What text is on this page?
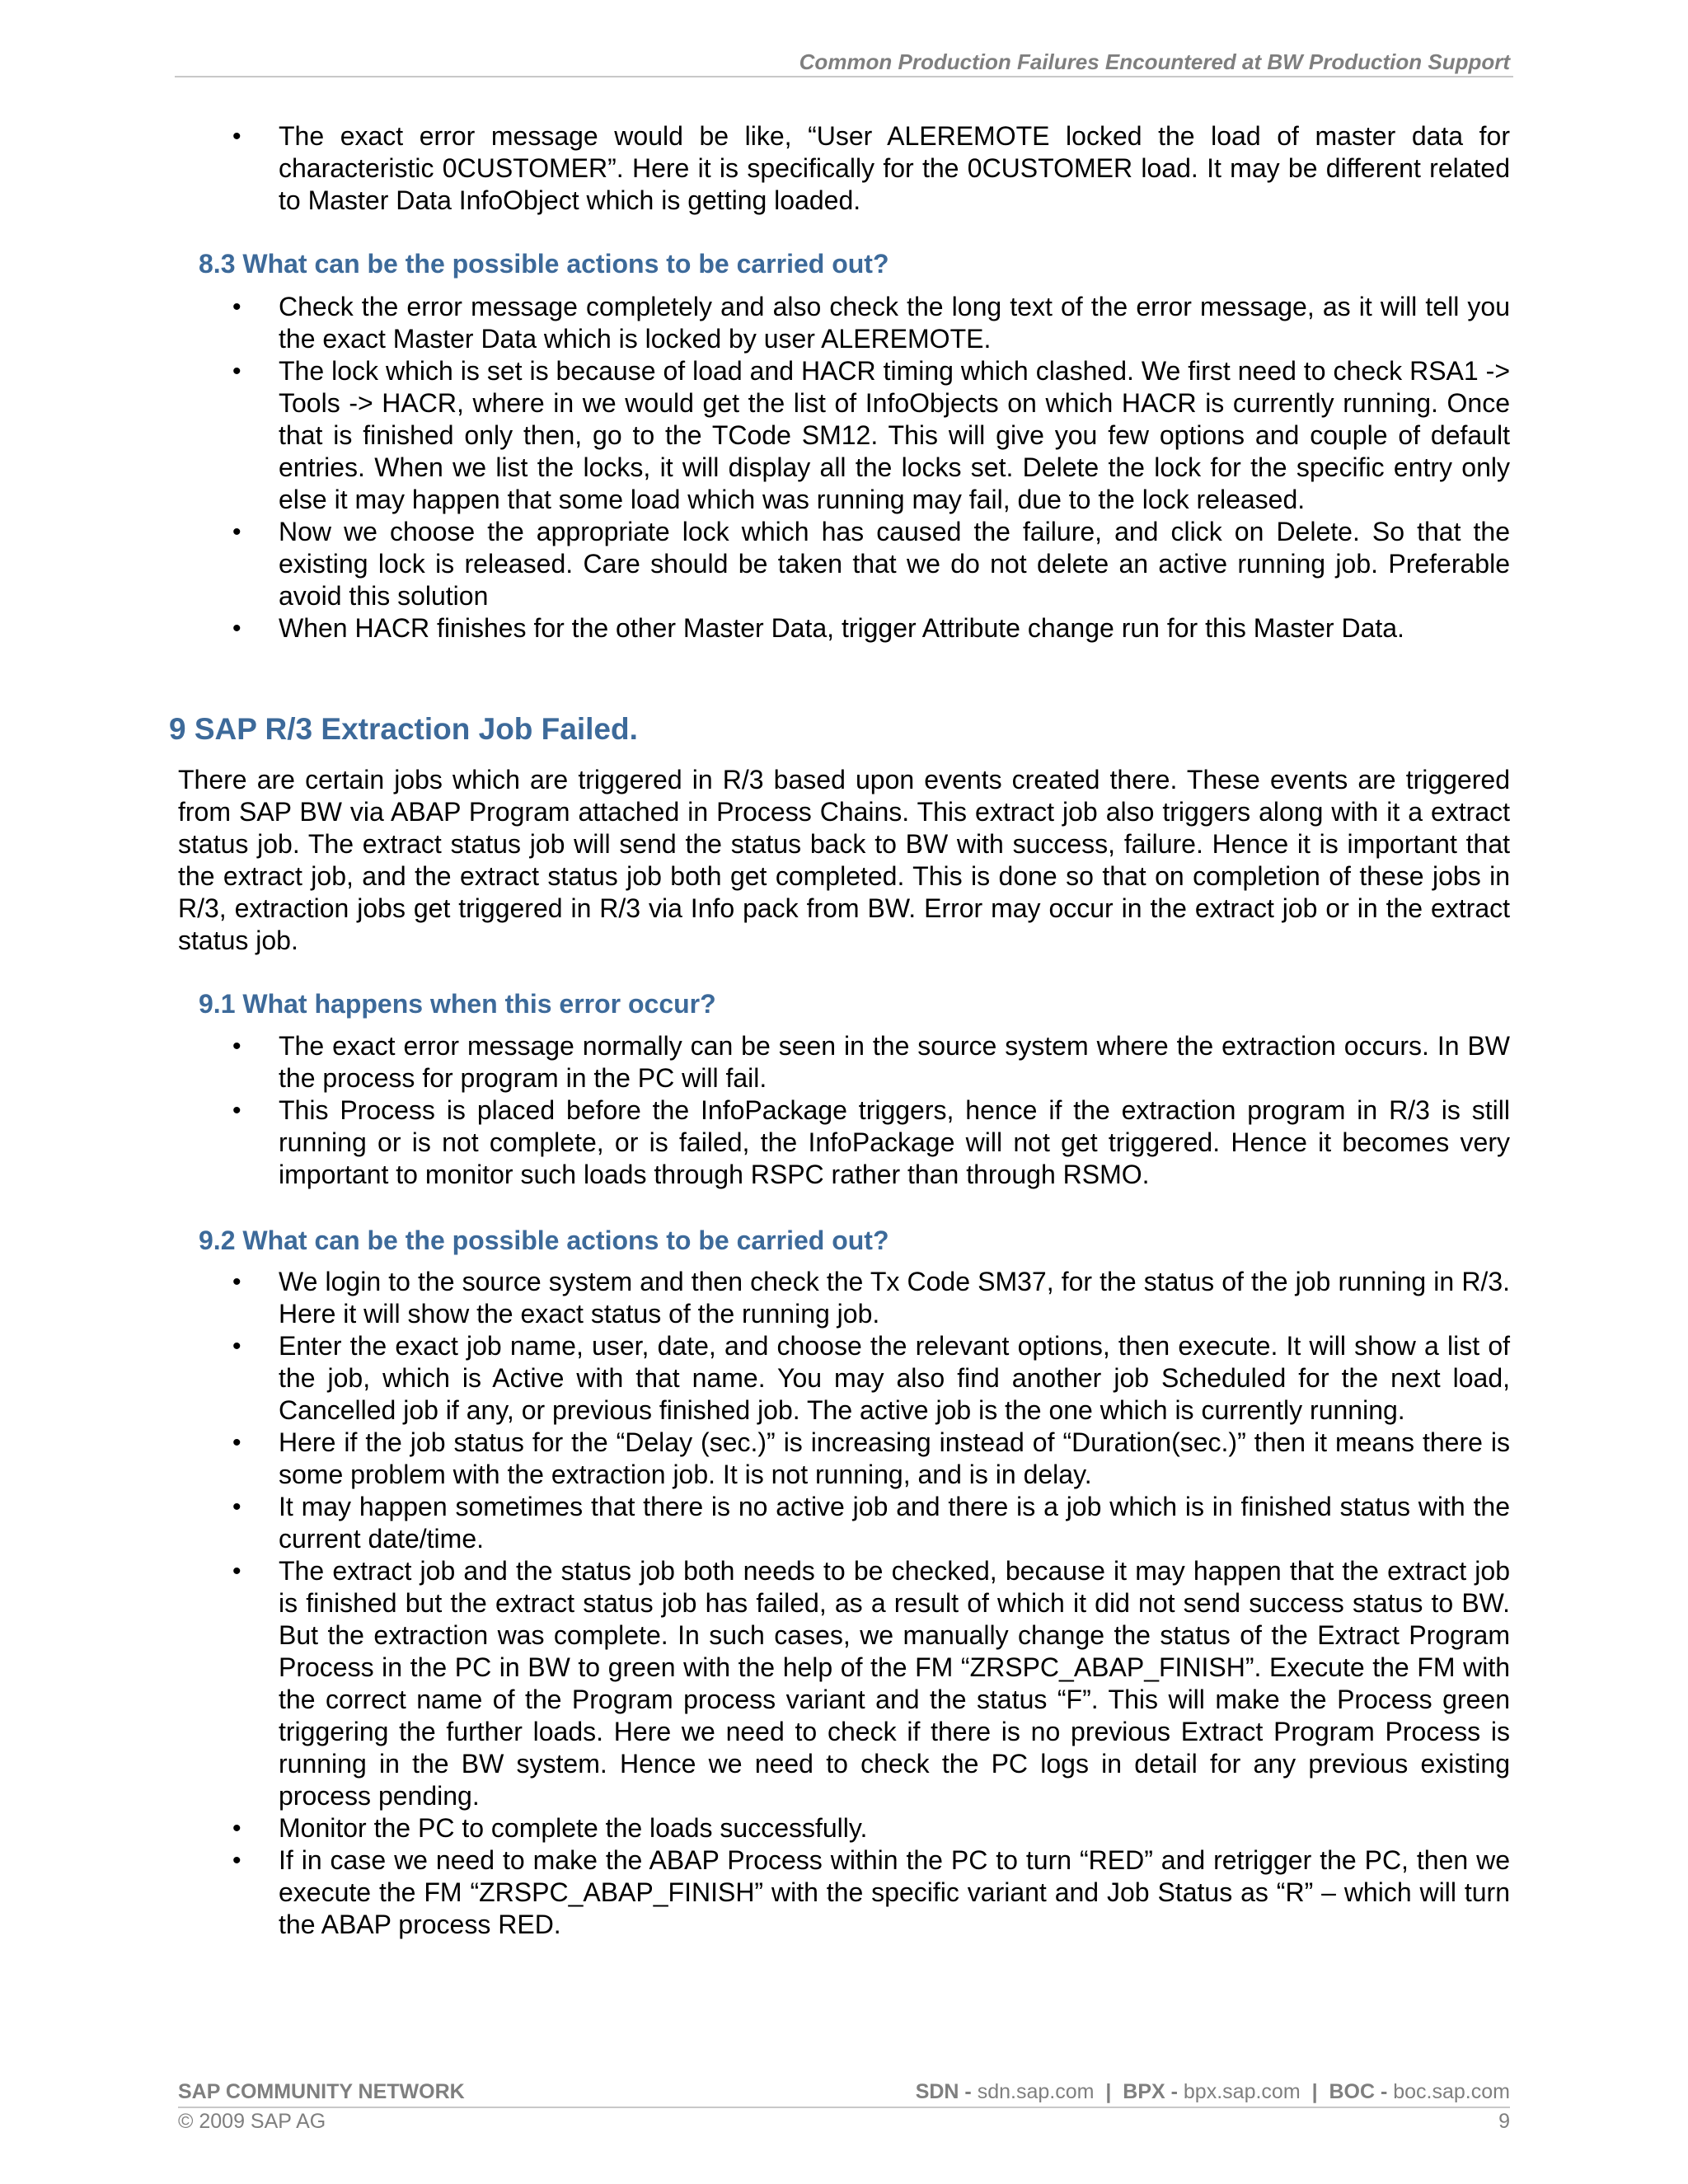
Common Production Failures Encountered at BW Production Support
• The exact error message would be like, “User ALEREMOTE locked the load of master data for characteristic 0CUSTOMER”. Here it is specifically for the 0CUSTOMER load. It may be different related to Master Data InfoObject which is getting loaded.
8.3 What can be the possible actions to be carried out?
• Check the error message completely and also check the long text of the error message, as it will tell you the exact Master Data which is locked by user ALEREMOTE.
• The lock which is set is because of load and HACR timing which clashed. We first need to check RSA1 -> Tools -> HACR, where in we would get the list of InfoObjects on which HACR is currently running. Once that is finished only then, go to the TCode SM12. This will give you few options and couple of default entries. When we list the locks, it will display all the locks set. Delete the lock for the specific entry only else it may happen that some load which was running may fail, due to the lock released.
• Now we choose the appropriate lock which has caused the failure, and click on Delete. So that the existing lock is released. Care should be taken that we do not delete an active running job. Preferable avoid this solution
• When HACR finishes for the other Master Data, trigger Attribute change run for this Master Data.
9 SAP R/3 Extraction Job Failed.

There are certain jobs which are triggered in R/3 based upon events created there. These events are triggered from SAP BW via ABAP Program attached in Process Chains. This extract job also triggers along with it a extract status job. The extract status job will send the status back to BW with success, failure. Hence it is important that the extract job, and the extract status job both get completed. This is done so that on completion of these jobs in R/3, extraction jobs get triggered in R/3 via Info pack from BW. Error may occur in the extract job or in the extract status job.

9.1 What happens when this error occur?
• The exact error message normally can be seen in the source system where the extraction occurs. In BW the process for program in the PC will fail.
• This Process is placed before the InfoPackage triggers, hence if the extraction program in R/3 is still running or is not complete, or is failed, the InfoPackage will not get triggered. Hence it becomes very important to monitor such loads through RSPC rather than through RSMO.
9.2 What can be the possible actions to be carried out?
• We login to the source system and then check the Tx Code SM37, for the status of the job running in R/3. Here it will show the exact status of the running job.
• Enter the exact job name, user, date, and choose the relevant options, then execute. It will show a list of the job, which is Active with that name. You may also find another job Scheduled for the next load, Cancelled job if any, or previous finished job. The active job is the one which is currently running.
• Here if the job status for the “Delay (sec.)” is increasing instead of “Duration(sec.)” then it means there is some problem with the extraction job. It is not running, and is in delay.
• It may happen sometimes that there is no active job and there is a job which is in finished status with the current date/time.
• The extract job and the status job both needs to be checked, because it may happen that the extract job is finished but the extract status job has failed, as a result of which it did not send success status to BW. But the extraction was complete. In such cases, we manually change the status of the Extract Program Process in the PC in BW to green with the help of the FM “ZRSPC_ABAP_FINISH”. Execute the FM with the correct name of the Program process variant and the status “F”. This will make the Process green triggering the further loads. Here we need to check if there is no previous Extract Program Process is running in the BW system. Hence we need to check the PC logs in detail for any previous existing process pending.
• Monitor the PC to complete the loads successfully.
• If in case we need to make the ABAP Process within the PC to turn “RED” and retrigger the PC, then we execute the FM “ZRSPC_ABAP_FINISH” with the specific variant and Job Status as “R” – which will turn the ABAP process RED.
SAP COMMUNITY NETWORK	SDN - sdn.sap.com | BPX - bpx.sap.com | BOC - boc.sap.com
© 2009 SAP AG	9
